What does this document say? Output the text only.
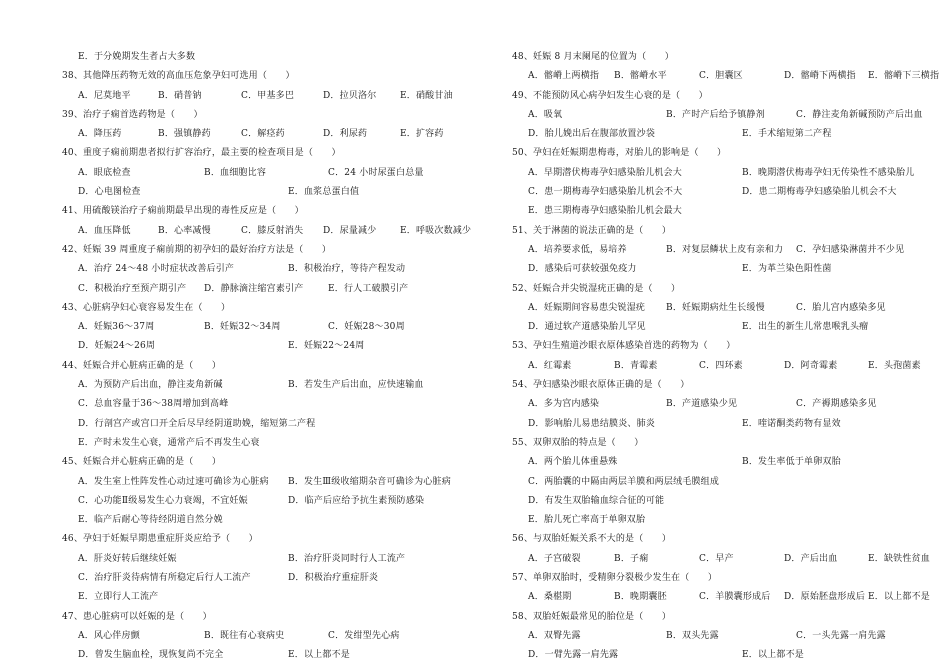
E．于分娩期发生者占大多数
38、其他降压药物无效的高血压危象孕妇可选用（　　）
A．尼莫地平	B．硝普钠	C．甲基多巴	D．拉贝洛尔	E．硝酸甘油
39、治疗子痫首选药物是（　　）
A．降压药	B．强镇静药	C．解痉药	D．利尿药	E．扩容药
40、重度子痫前期患者拟行扩容治疗，最主要的检查项目是（　　）
A．眼底检查	B．血细胞比容	C．24 小时尿蛋白总量
D．心电图检查	E．血浆总蛋白值
41、用硫酸镁治疗子痫前期最早出现的毒性反应是（　　）
A．血压降低	B．心率减慢	C．膝反射消失 D．尿量减少	E．呼吸次数减少
42、妊娠 39 周重度子痫前期的初孕妇的最好治疗方法是（　　）
A．治疗 24～48 小时症状改善后引产	B．积极治疗，等待产程发动
C．积极治疗至预产期引产 D．静脉滴注缩宫素引产	E．行人工破膜引产
43、心脏病孕妇心衰容易发生在（　　）
A．妊娠36～37周	B．妊娠32～34周	C．妊娠28～30周
D．妊娠24～26周	E．妊娠22～24周
44、妊娠合并心脏病正确的是（　　）
A．为预防产后出血，静注麦角新碱	B．若发生产后出血，应快速输血
C．总血容量于36～38周增加到高峰
D．行剖宫产或宫口开全后尽早经阴道助娩，缩短第二产程
E．产时未发生心衰，通常产后不再发生心衰
45、妊娠合并心脏病正确的是（　　）
A．发生室上性阵发性心动过速可确诊为心脏病 B．发生Ⅲ级收缩期杂音可确诊为心脏病
C．心功能Ⅱ级易发生心力衰竭，不宜妊娠	D．临产后应给予抗生素预防感染
E．临产后耐心等待经阴道自然分娩
46、孕妇于妊娠早期患重症肝炎应给予（　　）
A．肝炎好转后继续妊娠	B．治疗肝炎同时行人工流产
C．治疗肝炎待病情有所稳定后行人工流产	D．积极治疗重症肝炎
E．立即行人工流产
47、患心脏病可以妊娠的是（　　）
A．风心伴房颤	B．既往有心衰病史	C．发绀型先心病
D．曾发生脑血栓，现恢复尚不完全	E．以上都不是
48、妊娠 8 月末阑尾的位置为（　　）
A．髂嵴上两横指 B．髂嵴水平	C．胆囊区	D．髂嵴下两横指 E．髂嵴下三横指
49、不能预防风心病孕妇发生心衰的是（　　）
A．吸氧	B．产时产后给予镇静剂	C．静注麦角新碱预防产后出血
D．胎儿娩出后在腹部放置沙袋	E．手术缩短第二产程
50、孕妇在妊娠期患梅毒，对胎儿的影响是（　　）
A．早期潜伏梅毒孕妇感染胎儿机会大	B．晚期潜伏梅毒孕妇无传染性不感染胎儿
C．患一期梅毒孕妇感染胎儿机会不大	D．患二期梅毒孕妇感染胎儿机会不大
E．患三期梅毒孕妇感染胎儿机会最大
51、关于淋菌的说法正确的是（　　）
A．培养要求低，易培养	B．对复层鳞状上皮有亲和力 C．孕妇感染淋菌并不少见
D．感染后可获较强免疫力	E．为革兰染色阳性菌
52、妊娠合并尖锐湿疣正确的是（　　）
A．妊娠期间容易患尖锐湿疣 B．妊娠期病灶生长缓慢	C．胎儿宫内感染多见
D．通过软产道感染胎儿罕见	E．出生的新生儿常患喉乳头瘤
53、孕妇生殖道沙眼衣原体感染首选的药物为（　　）
A．红霉素	B．青霉素	C．四环素	D．阿奇霉素	E．头孢菌素
54、孕妇感染沙眼衣原体正确的是（　　）
A．多为宫内感染	B．产道感染少见	C．产褥期感染多见
D．影响胎儿易患结膜炎、肺炎	E．喹诺酮类药物有显效
55、双卵双胎的特点是（　　）
A．两个胎儿体重悬殊	B．发生率低于单卵双胎
C．两胎囊的中隔由两层羊膜和两层绒毛膜组成
D．有发生双胎输血综合征的可能
E．胎儿死亡率高于单卵双胎
56、与双胎妊娠关系不大的是（　　）
A．子宫破裂	B．子痫	C．早产	D．产后出血	E．缺铁性贫血
57、单卵双胎时，受精卵分裂极少发生在（　　）
A．桑椹期	B．晚期囊胚	C．羊膜囊形成后 D．原始胚盘形成后 E．以上都不是
58、双胎妊娠最常见的胎位是（　　）
A．双臀先露	B．双头先露	C．一头先露一肩先露
D．一臂先露一肩先露	E．以上都不是
